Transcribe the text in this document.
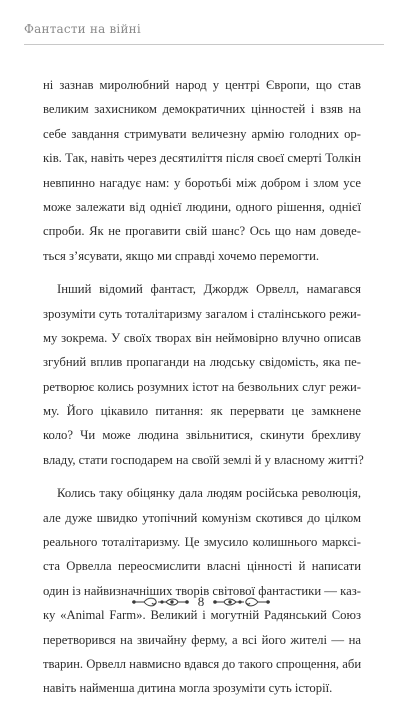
Фантасти на війні
ні зазнав миролюбний народ у центрі Європи, що став
великим захисником демократичних цінностей і взяв на
себе завдання стримувати величезну армію голодних ор-
ків. Так, навіть через десятиліття після своєї смерті Толкін
невпинно нагадує нам: у боротьбі між добром і злом усе
може залежати від однієї людини, одного рішення, однієї
спроби. Як не прогавити свій шанс? Ось що нам доведе-
ться з’ясувати, якщо ми справді хочемо перемогти.
Інший відомий фантаст, Джордж Орвелл, намагався
зрозуміти суть тоталітаризму загалом і сталінського режи-
му зокрема. У своїх творах він неймовірно влучно описав
згубний вплив пропаганди на людську свідомість, яка пе-
ретворює колись розумних істот на безвольних слуг режи-
му. Його цікавило питання: як перервати це замкнене
коло? Чи може людина звільнитися, скинути брехливу
владу, стати господарем на своїй землі й у власному житті?
Колись таку обіцянку дала людям російська революція,
але дуже швидко утопічний комунізм скотився до цілком
реального тоталітаризму. Це змусило колишнього марксі-
ста Орвелла переосмислити власні цінності й написати
один із найвизначніших творів світової фантастики — каз-
ку «Animal Farm». Великий і могутній Радянський Союз
перетворився на звичайну ферму, а всі його жителі — на
тварин. Орвелл навмисно вдався до такого спрощення, аби
навіть найменша дитина могла зрозуміти суть історії.
8
